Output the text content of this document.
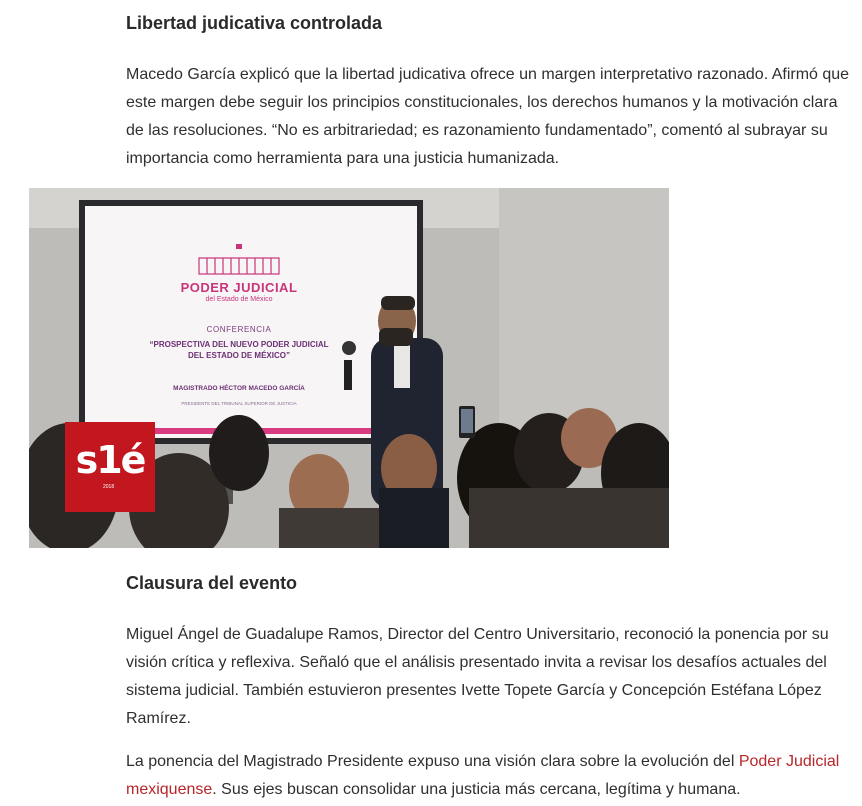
Libertad judicativa controlada

Macedo García explicó que la libertad judicativa ofrece un margen interpretativo razonado. Afirmó que este margen debe seguir los principios constitucionales, los derechos humanos y la motivación clara de las resoluciones. “No es arbitrariedad; es razonamiento fundamentado”, comentó al subrayar su importancia como herramienta para una justicia humanizada.

PODER JUDICIAL
del Estado de México
CONFERENCIA
“PROSPECTIVA DEL NUEVO PODER JUDICIAL
DEL ESTADO DE MÉXICO”
MAGISTRADO HÉCTOR MACEDO GARCÍA
PRESIDENTE DEL TRIBUNAL SUPERIOR DE JUSTICIA
s1é
2018
Clausura del evento

Miguel Ángel de Guadalupe Ramos, Director del Centro Universitario, reconoció la ponencia por su visión crítica y reflexiva. Señaló que el análisis presentado invita a revisar los desafíos actuales del sistema judicial. También estuvieron presentes Ivette Topete García y Concepción Estéfana López Ramírez.

La ponencia del Magistrado Presidente expuso una visión clara sobre la evolución del Poder Judicial mexiquense. Sus ejes buscan consolidar una justicia más cercana, legítima y humana.
